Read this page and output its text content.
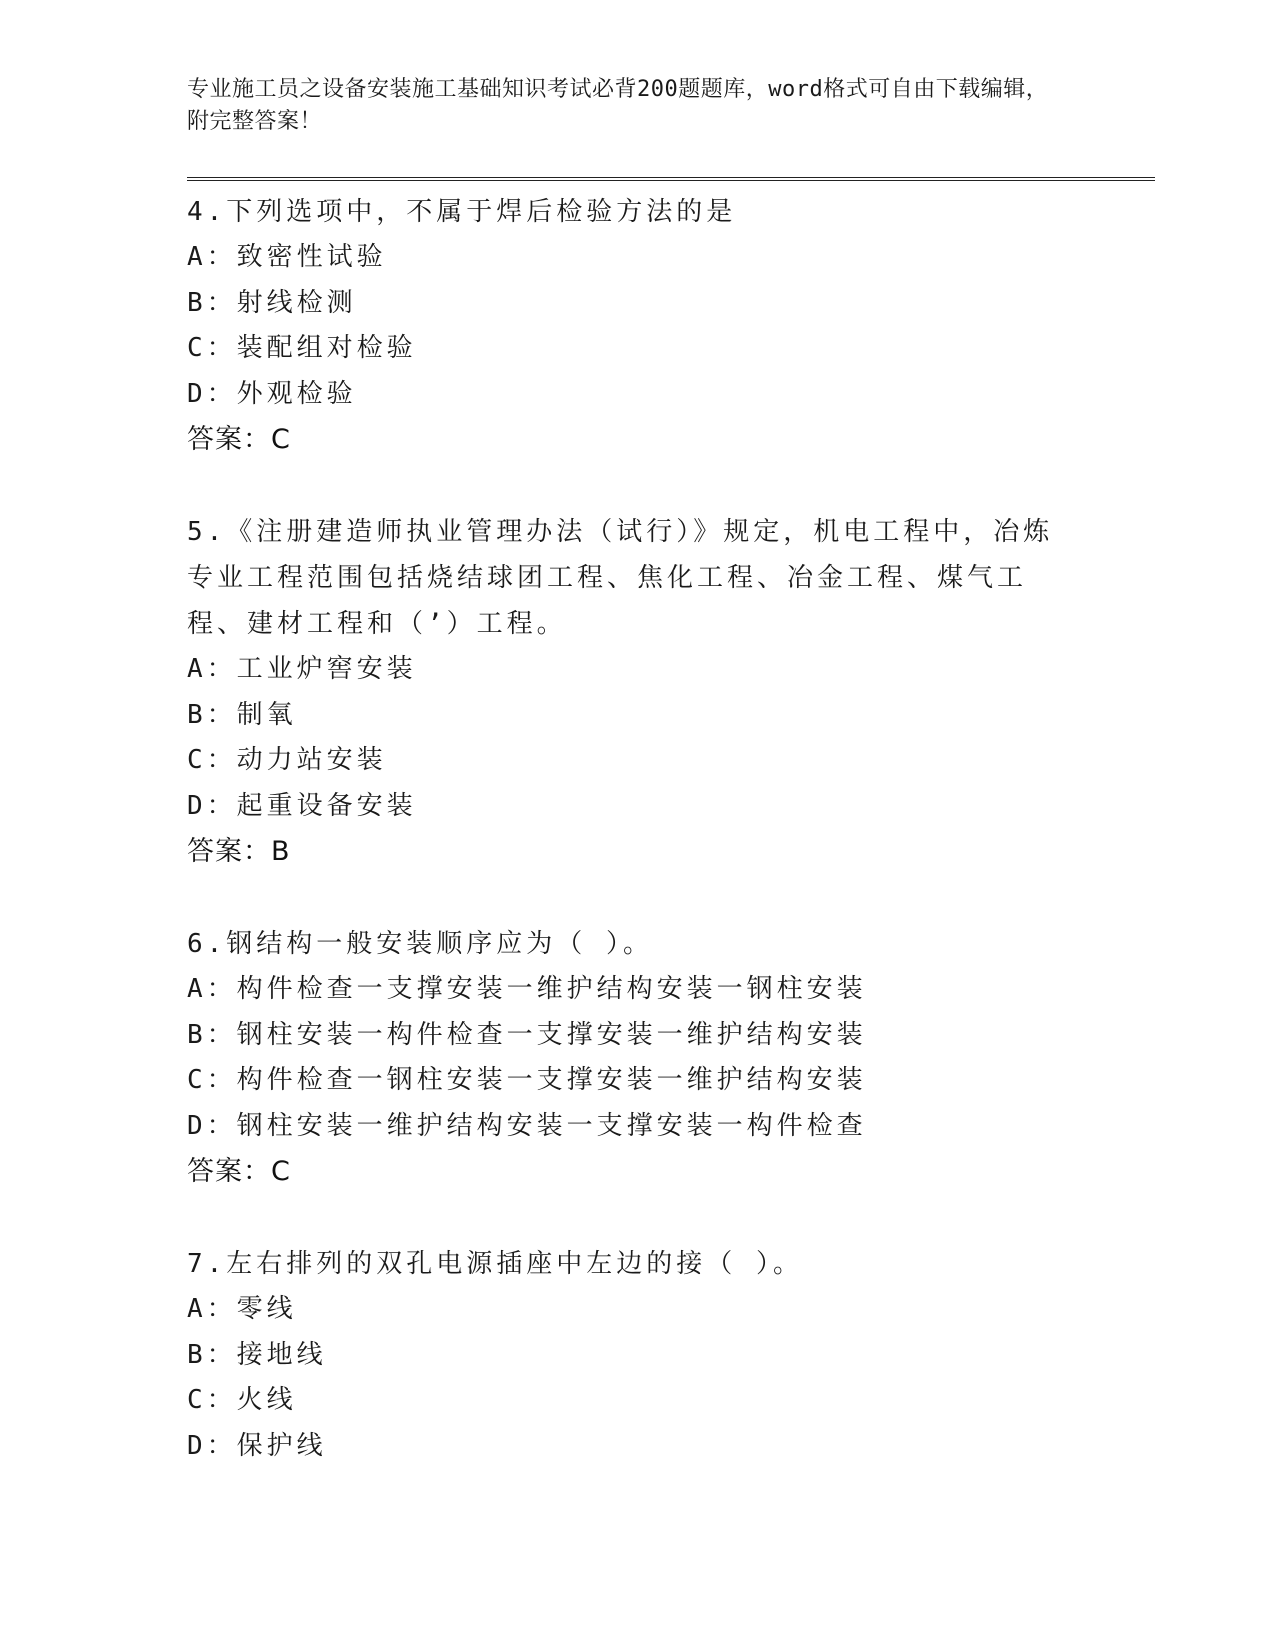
专业施工员之设备安装施工基础知识考试必背200题题库，word格式可自由下载编辑，附完整答案！
4.下列选项中，不属于焊后检验方法的是
A：致密性试验
B：射线检测
C：装配组对检验
D：外观检验
答案：C
5.《注册建造师执业管理办法（试行）》规定，机电工程中，冶炼专业工程范围包括烧结球团工程、焦化工程、冶金工程、煤气工程、建材工程和（’）工程。
A：工业炉窖安装
B：制氧
C：动力站安装
D：起重设备安装
答案：B
6.钢结构一般安装顺序应为（ ）。
A：构件检查一支撑安装一维护结构安装一钢柱安装
B：钢柱安装一构件检查一支撑安装一维护结构安装
C：构件检查一钢柱安装一支撑安装一维护结构安装
D：钢柱安装一维护结构安装一支撑安装一构件检查
答案：C
7.左右排列的双孔电源插座中左边的接（ ）。
A：零线
B：接地线
C：火线
D：保护线
